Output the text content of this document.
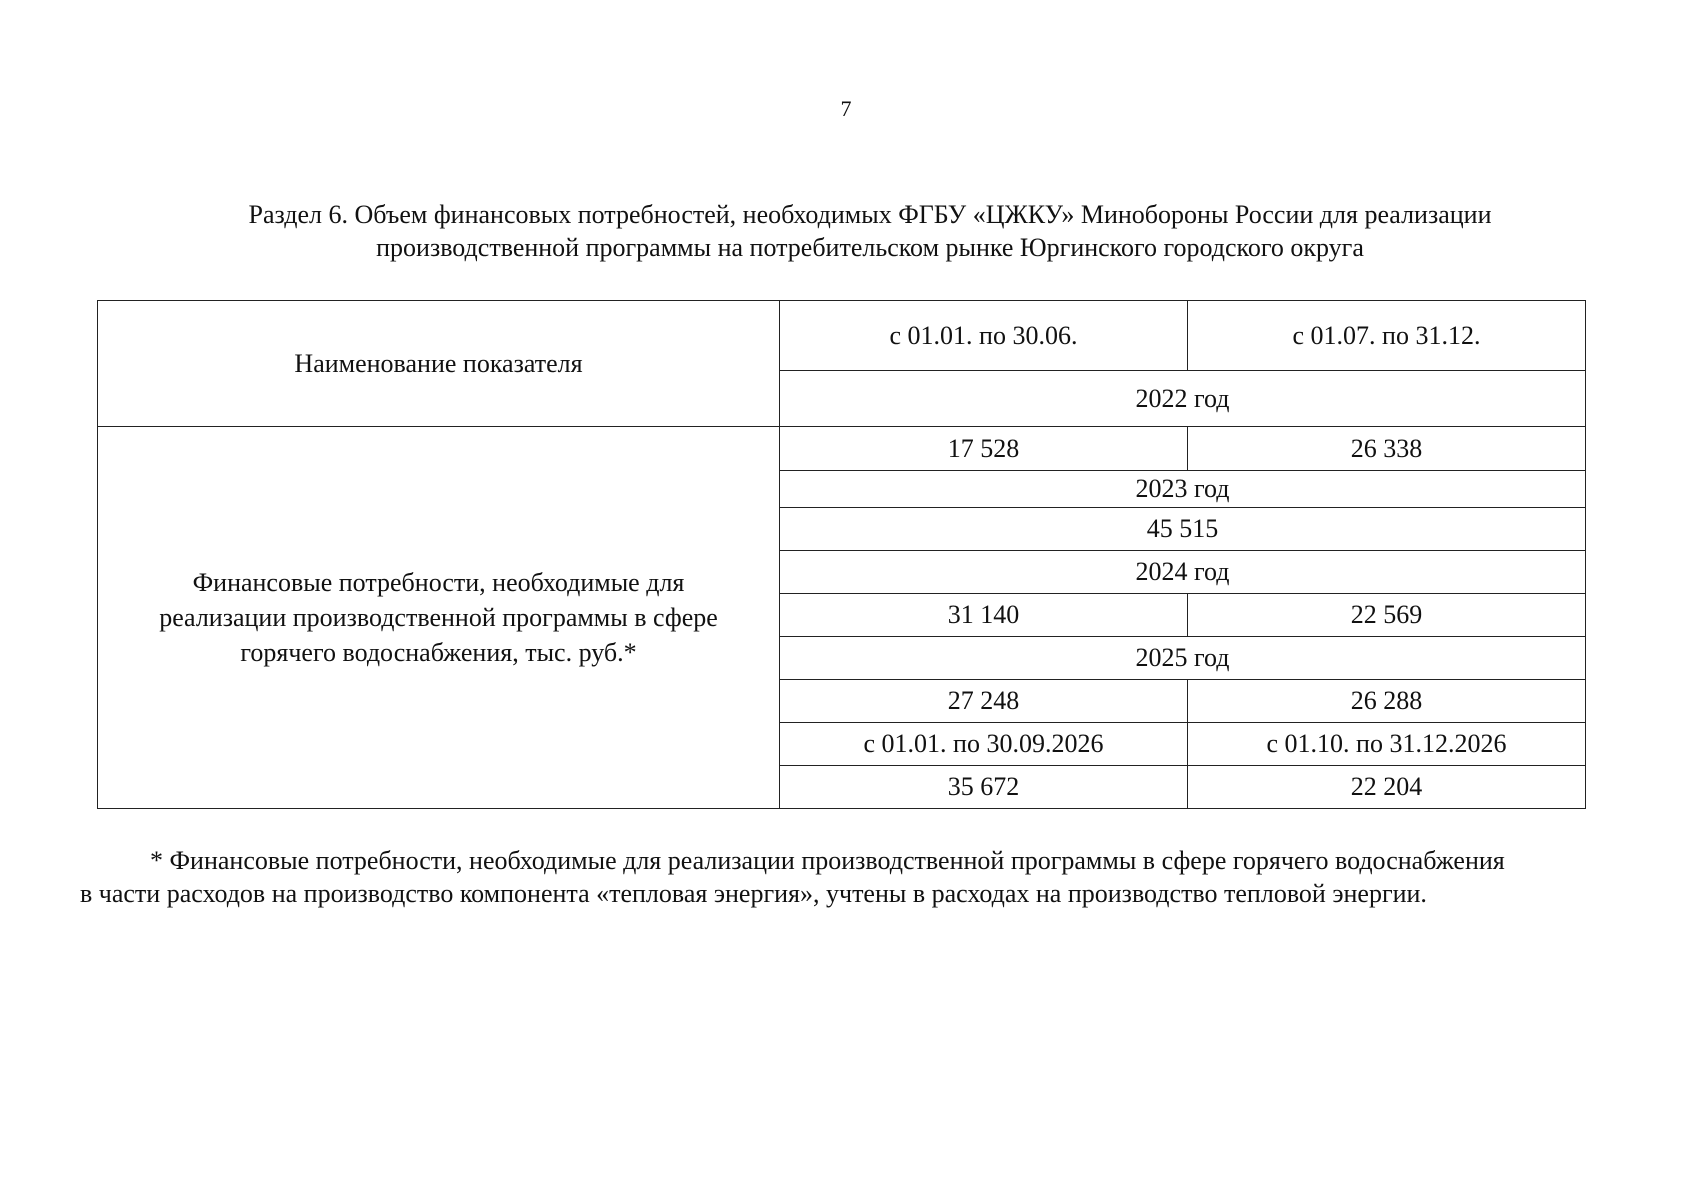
7
Раздел 6. Объем финансовых потребностей, необходимых ФГБУ «ЦЖКУ» Минобороны России для реализации
производственной программы на потребительском рынке Юргинского городского округа
Наименование показателя	с 01.01. по 30.06.	с 01.07. по 31.12.
	2022 год	
Финансовые потребности, необходимые для реализации производственной программы в сфере горячего водоснабжения, тыс. руб.*	17 528	26 338
	2023 год	
	45 515	
	2024 год	
	31 140	22 569
	2025 год	
	27 248	26 288
	с 01.01. по 30.09.2026	с 01.10. по 31.12.2026
	35 672	22 204
* Финансовые потребности, необходимые для реализации производственной программы в сфере горячего водоснабжения
в части расходов на производство компонента «тепловая энергия», учтены в расходах на производство тепловой энергии.
